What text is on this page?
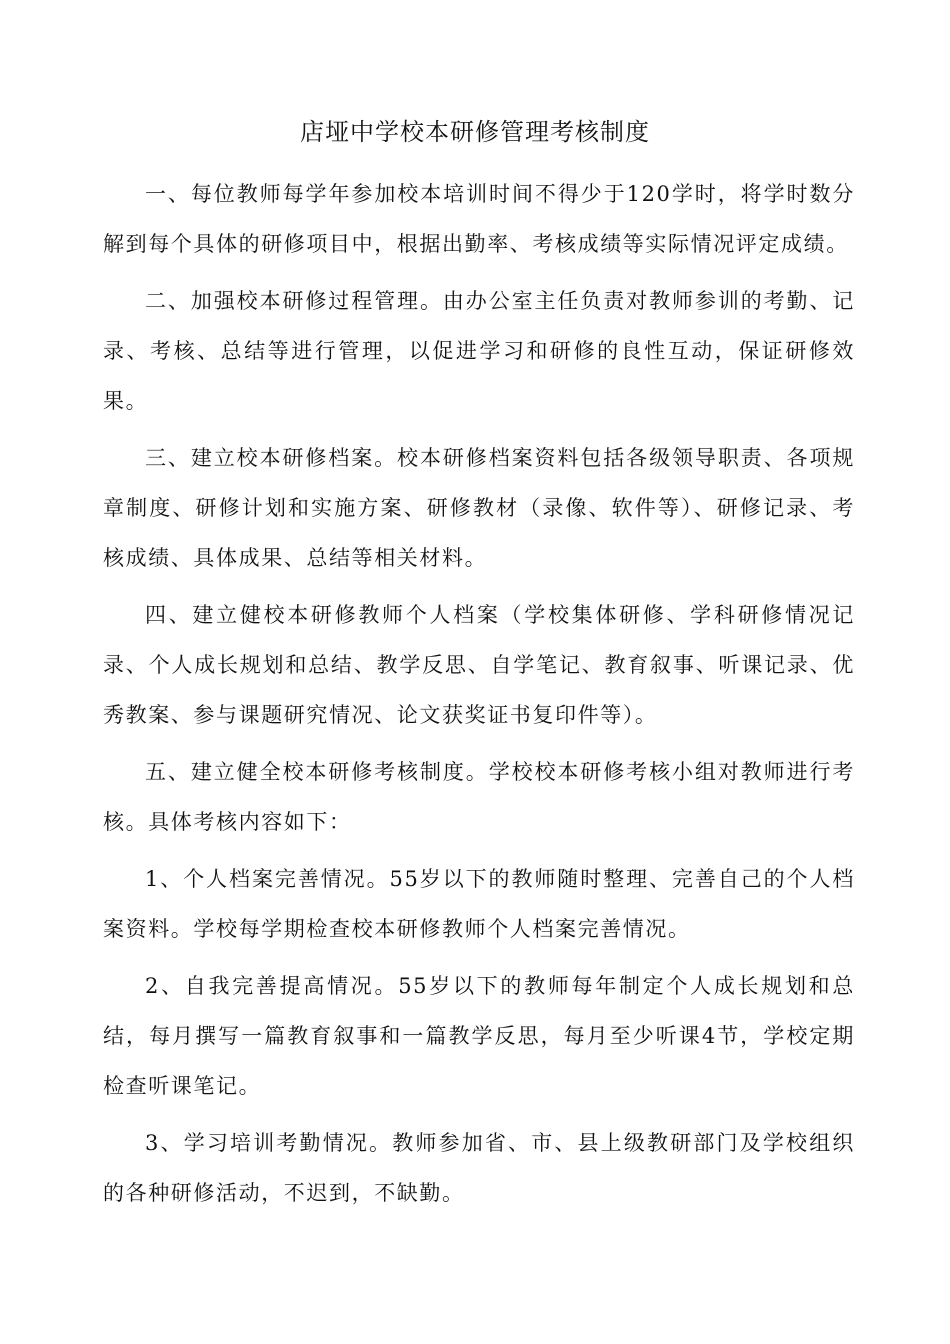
店垭中学校本研修管理考核制度

一、每位教师每学年参加校本培训时间不得少于120学时，将学时数分解到每个具体的研修项目中，根据出勤率、考核成绩等实际情况评定成绩。

二、加强校本研修过程管理。由办公室主任负责对教师参训的考勤、记录、考核、总结等进行管理，以促进学习和研修的良性互动，保证研修效果。

三、建立校本研修档案。校本研修档案资料包括各级领导职责、各项规章制度、研修计划和实施方案、研修教材（录像、软件等）、研修记录、考核成绩、具体成果、总结等相关材料。

四、建立健校本研修教师个人档案（学校集体研修、学科研修情况记录、个人成长规划和总结、教学反思、自学笔记、教育叙事、听课记录、优秀教案、参与课题研究情况、论文获奖证书复印件等）。

五、建立健全校本研修考核制度。学校校本研修考核小组对教师进行考核。具体考核内容如下：

1、个人档案完善情况。55岁以下的教师随时整理、完善自己的个人档案资料。学校每学期检查校本研修教师个人档案完善情况。

2、自我完善提高情况。55岁以下的教师每年制定个人成长规划和总结，每月撰写一篇教育叙事和一篇教学反思，每月至少听课4节，学校定期检查听课笔记。

3、学习培训考勤情况。教师参加省、市、县上级教研部门及学校组织的各种研修活动，不迟到，不缺勤。
